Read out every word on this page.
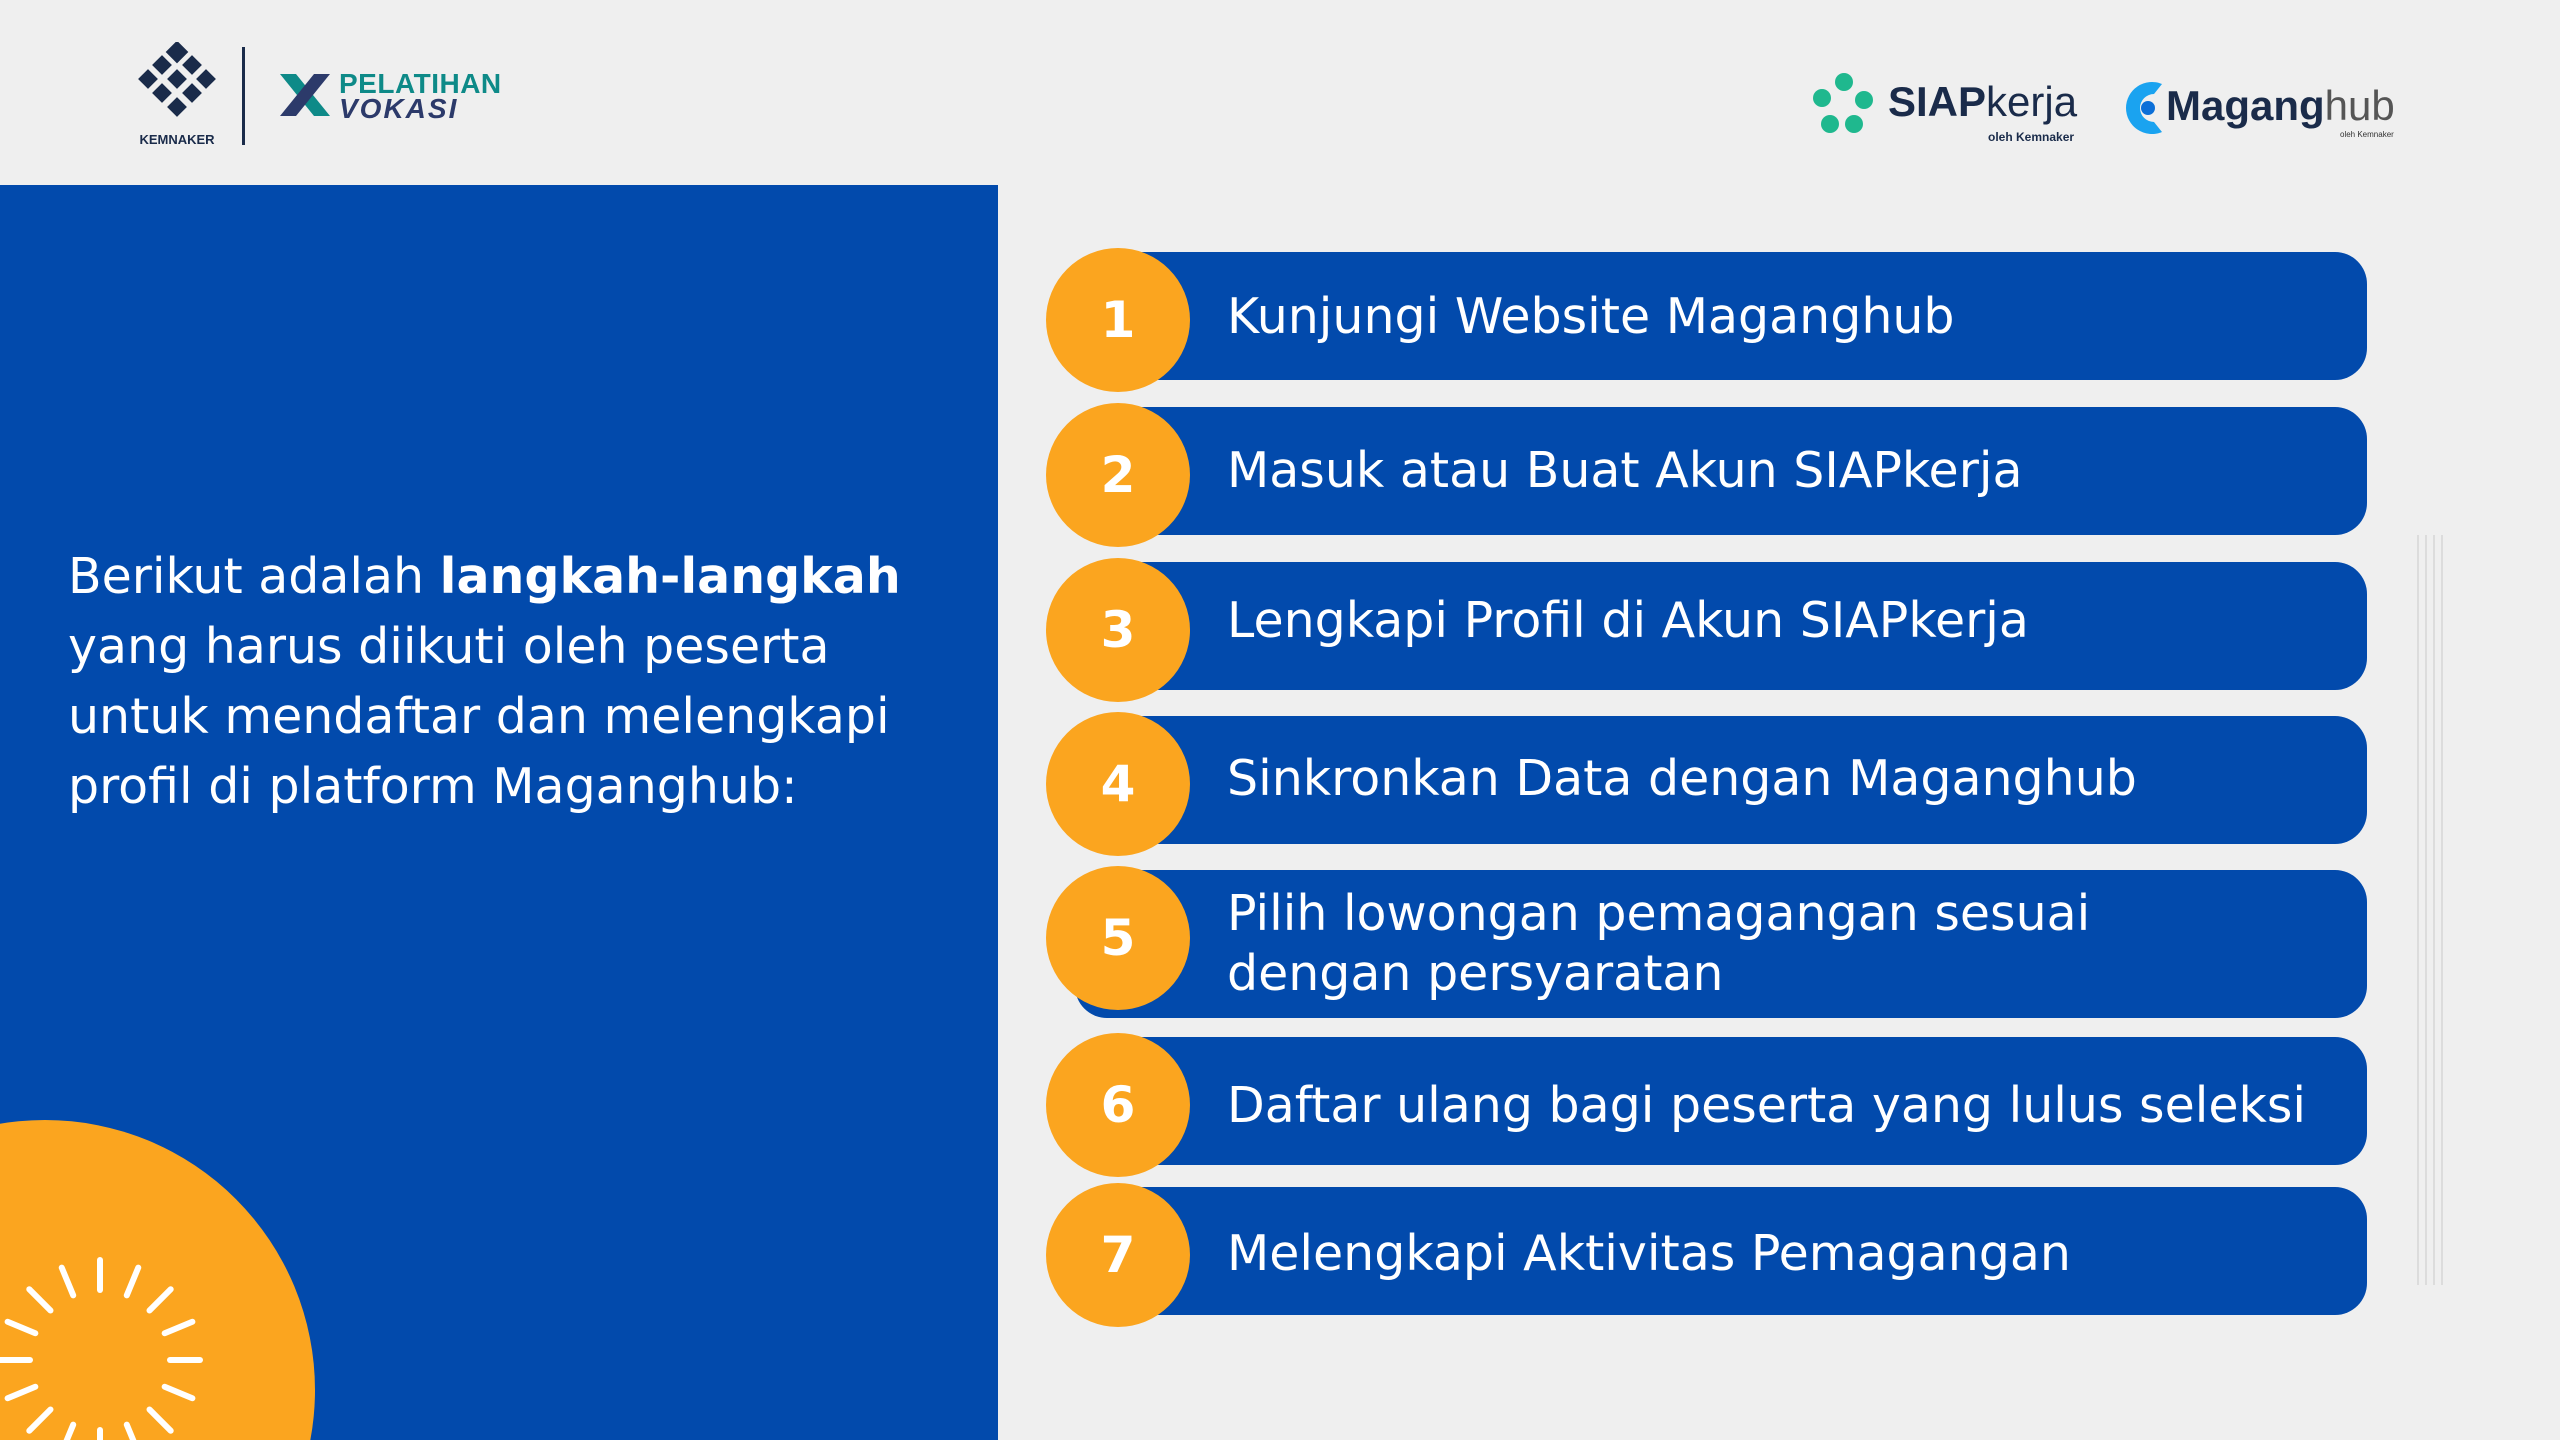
KEMNAKER
PELATIHAN
VOKASI	SIAPkerja
oleh Kemnaker
Maganghub
oleh Kemnaker
Berikut adalah langkah-langkah
yang harus diikuti oleh peserta untuk mendaftar dan melengkapi profil di platform Maganghub:
1	Kunjungi Website Maganghub
2	Masuk atau Buat Akun SIAPkerja
3	Lengkapi Profil di Akun SIAPkerja
4	Sinkronkan Data dengan Maganghub
5	Pilih lowongan pemagangan sesuai
dengan persyaratan
6	Daftar ulang bagi peserta yang lulus seleksi
7	Melengkapi Aktivitas Pemagangan
